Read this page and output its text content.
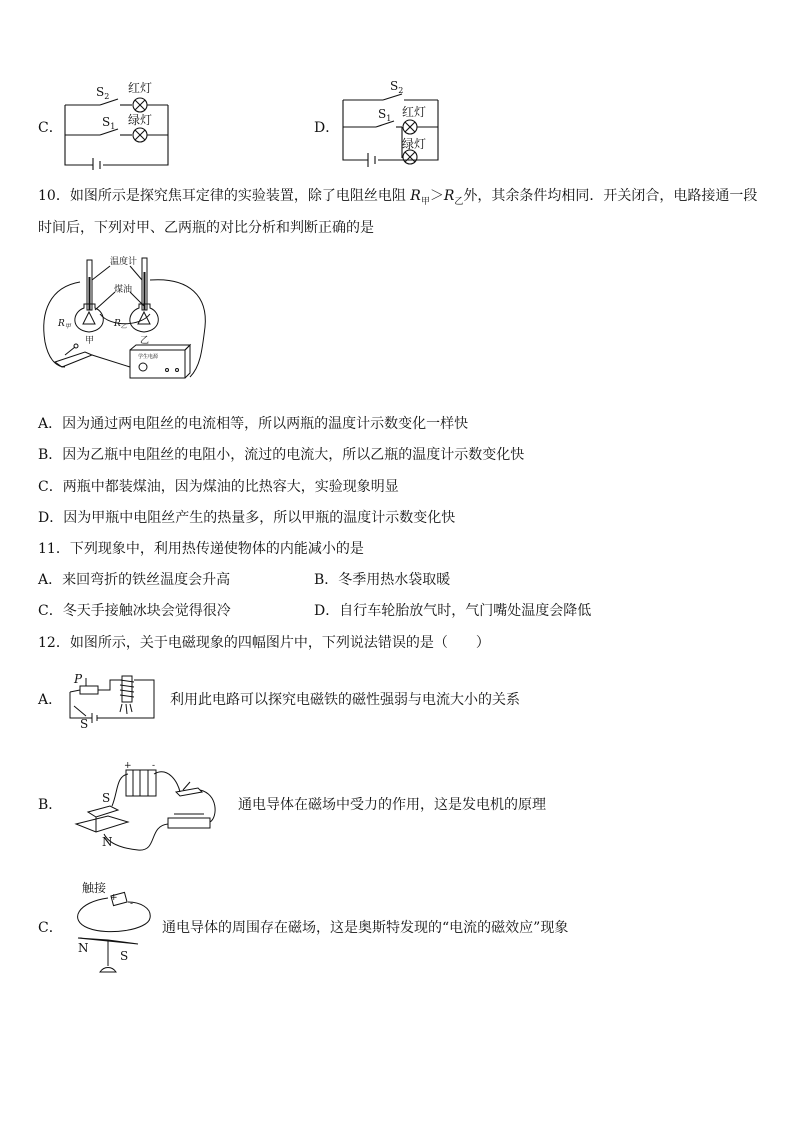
C．
$S_2$
$S_1$
红灯
绿灯	D．
$S_2$
$S_1$ 红灯
绿灯
10．如图所示是探究焦耳定律的实验装置，除了电阻丝电阻 $R_甲>R_乙$外，其余条件均相同．开关闭合，电路接通一段
时间后，下列对甲、乙两瓶的对比分析和判断正确的是
温度计
煤油
$R_甲$	$R_乙$
甲	乙
学生电源
A．因为通过两电阻丝的电流相等，所以两瓶的温度计示数变化一样快
B．因为乙瓶中电阻丝的电阻小，流过的电流大，所以乙瓶的温度计示数变化快
C．两瓶中都装煤油，因为煤油的比热容大，实验现象明显
D．因为甲瓶中电阻丝产生的热量多，所以甲瓶的温度计示数变化快
11．下列现象中，利用热传递使物体的内能减小的是
A．来回弯折的铁丝温度会升高	B．冬季用热水袋取暖
C．冬天手接触冰块会觉得很冷	D．自行车轮胎放气时，气门嘴处温度会降低
12．如图所示，关于电磁现象的四幅图片中，下列说法错误的是（　　）
A．
P
S
利用此电路可以探究电磁铁的磁性强弱与电流大小的关系
B．
+ -
S
N
通电导体在磁场中受力的作用，这是发电机的原理
C．
触接
+
-
N
S
通电导体的周围存在磁场，这是奥斯特发现的“电流的磁效应”现象
